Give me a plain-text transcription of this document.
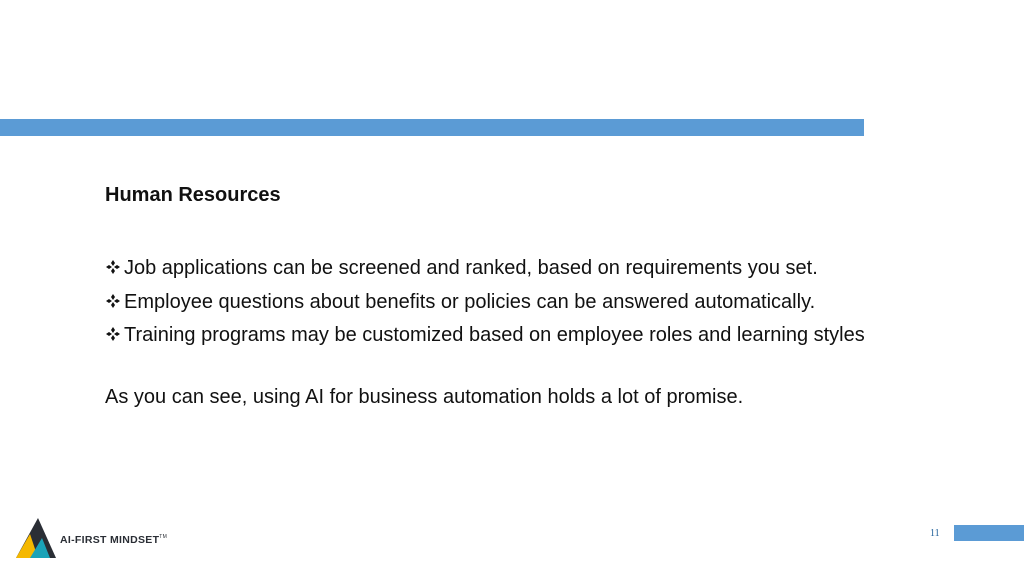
Human Resources
Job applications can be screened and ranked, based on requirements you set.
Employee questions about benefits or policies can be answered automatically.
Training programs may be customized based on employee roles and learning styles
As you can see, using AI for business automation holds a lot of promise.
AI-FIRST MINDSET™	11
